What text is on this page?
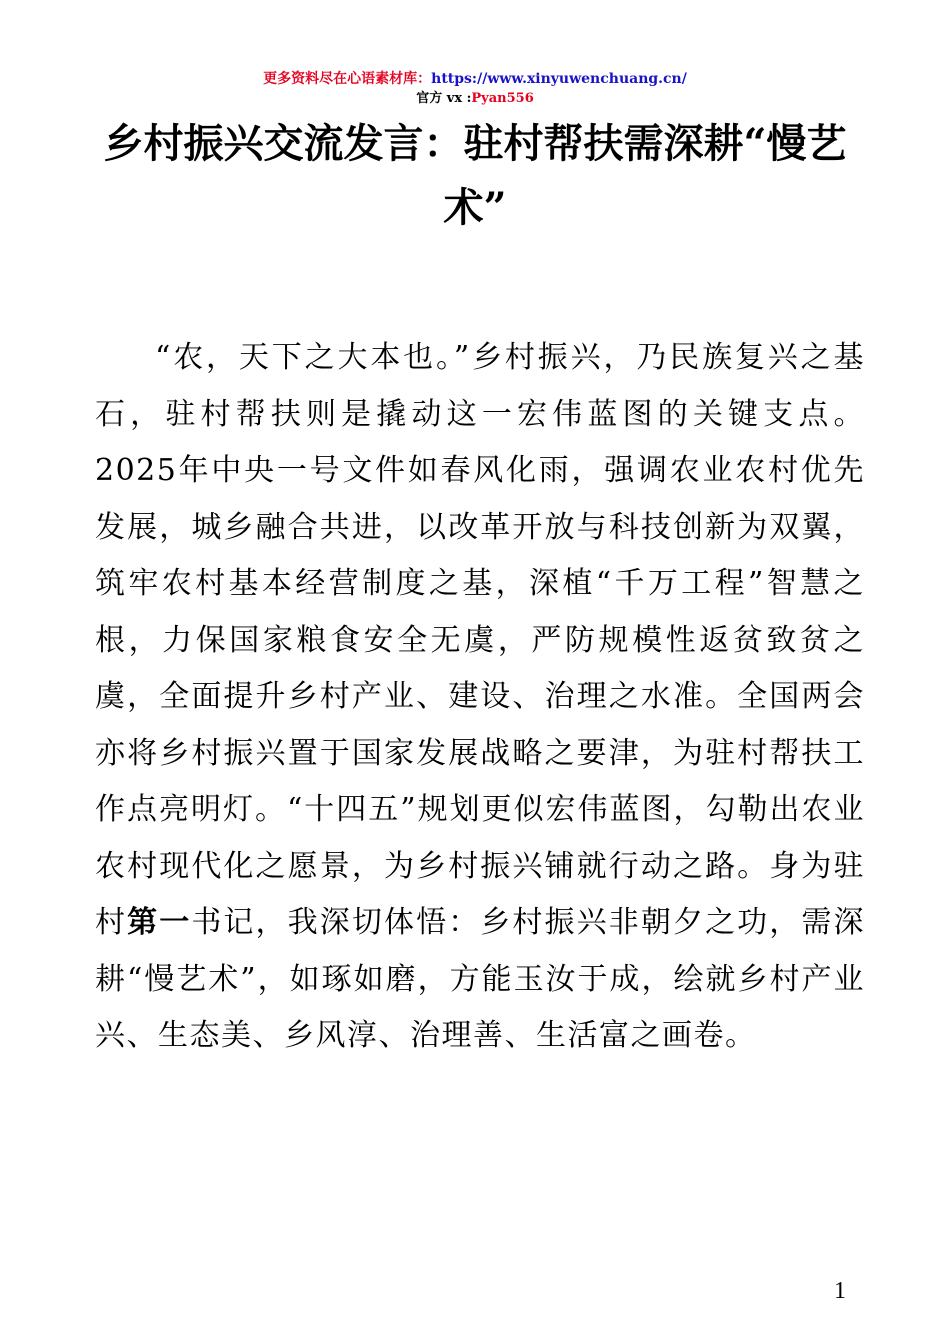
更多资料尽在心语素材库：https://www.xinyuwenchuang.cn/
官方 vx :Pyan556
乡村振兴交流发言：驻村帮扶需深耕“慢艺术”

“农，天下之大本也。”乡村振兴，乃民族复兴之基石，驻村帮扶则是撬动这一宏伟蓝图的关键支点。2025年中央一号文件如春风化雨，强调农业农村优先发展，城乡融合共进，以改革开放与科技创新为双翼，筑牢农村基本经营制度之基，深植“千万工程”智慧之根，力保国家粮食安全无虞，严防规模性返贫致贫之虞，全面提升乡村产业、建设、治理之水准。全国两会亦将乡村振兴置于国家发展战略之要津，为驻村帮扶工作点亮明灯。“十四五”规划更似宏伟蓝图，勾勒出农业农村现代化之愿景，为乡村振兴铺就行动之路。身为驻村第一书记，我深切体悟：乡村振兴非朝夕之功，需深耕“慢艺术”，如琢如磨，方能玉汝于成，绘就乡村产业兴、生态美、乡风淳、治理善、生活富之画卷。

1
